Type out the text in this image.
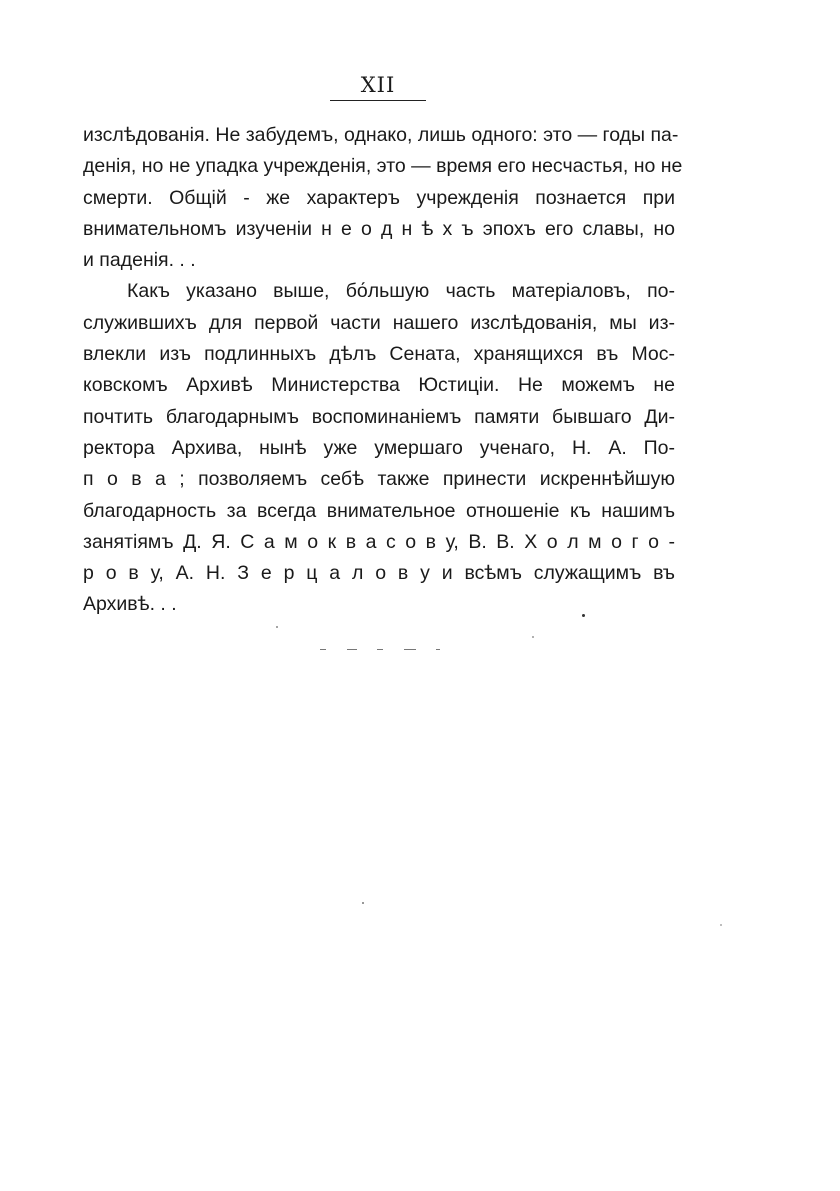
XII
изслѣдованія. Не забудемъ, однако, лишь одного: это — годы па-
денія, но не упадка учрежденія, это — время его несчастья, но не
смерти. Общій - же характеръ учрежденія познается при
внимательномъ изученіи н е о д н ѣ х ъ эпохъ его славы, но
и паденія. . .
Какъ указано выше, бо́льшую часть матеріаловъ, по-
служившихъ для первой части нашего изслѣдованія, мы из-
влекли изъ подлинныхъ дѣлъ Сената, хранящихся въ Мос-
ковскомъ Архивѣ Министерства Юстиціи. Не можемъ не
почтить благодарнымъ воспоминаніемъ памяти бывшаго Ди-
ректора Архива, нынѣ уже умершаго ученаго, Н. А. По-
п о в а ; позволяемъ себѣ также принести искреннѣйшую
благодарность за всегда внимательное отношеніе къ нашимъ
занятіямъ Д. Я. С а м о к в а с о в у, В. В. Х о л м о г о -
р о в у, А. Н. З е р ц а л о в у и всѣмъ служащимъ въ
Архивѣ. . .
